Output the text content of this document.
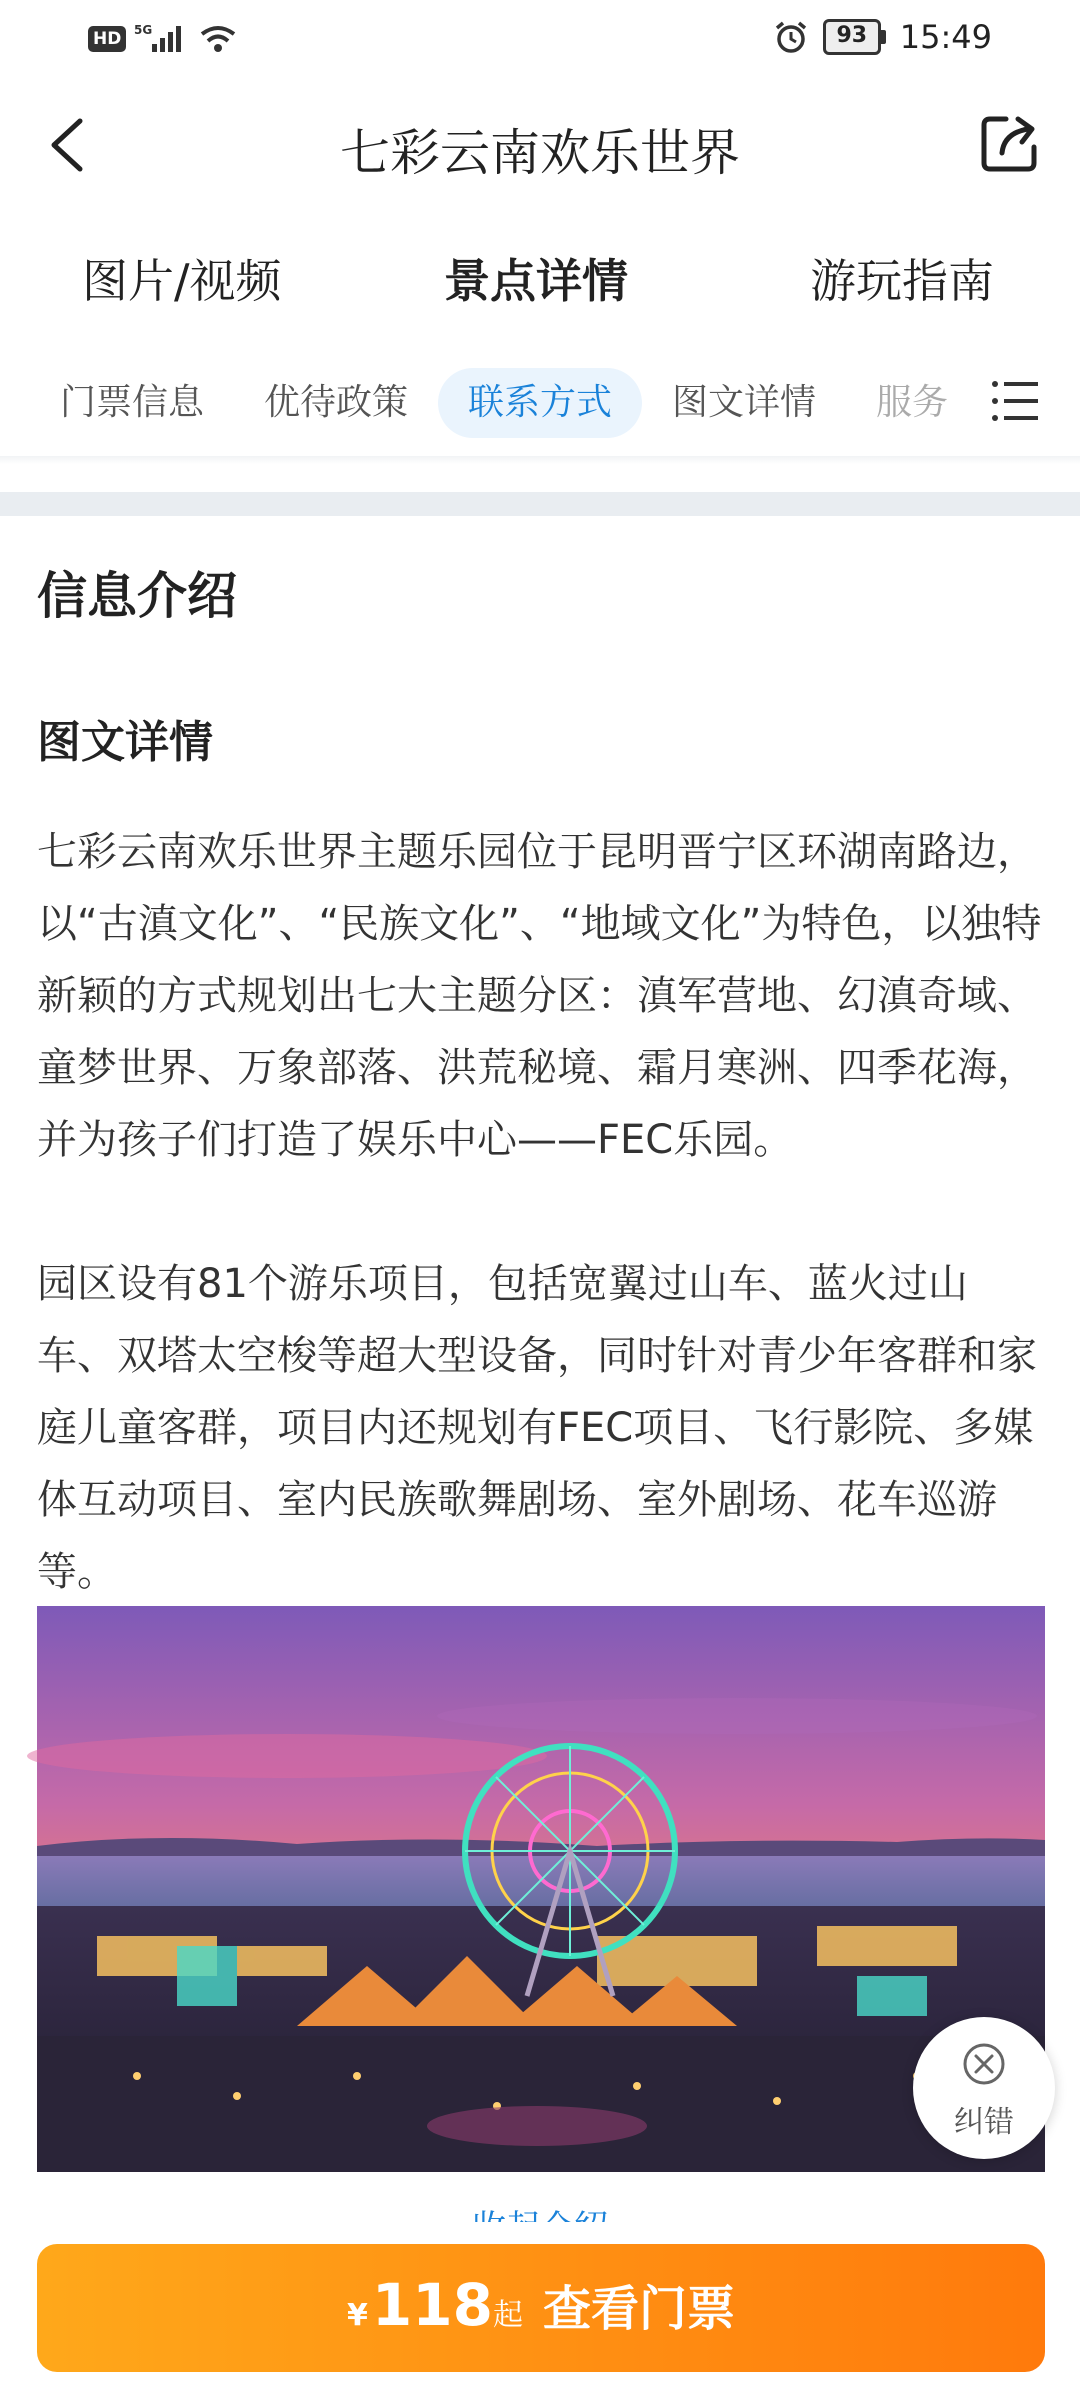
HD	5G	93	15:49
七彩云南欢乐世界
图片/视频	景点详情	游玩指南
门票信息 优待政策	联系方式	图文详情 服务
信息介绍
图文详情
七彩云南欢乐世界主题乐园位于昆明晋宁区环湖南路边，以“古滇文化”、“民族文化”、“地域文化”为特色，以独特新颖的方式规划出七大主题分区：滇军营地、幻滇奇域、童梦世界、万象部落、洪荒秘境、霜月寒洲、四季花海，并为孩子们打造了娱乐中心——FEC乐园。
园区设有81个游乐项目，包括宽翼过山车、蓝火过山车、双塔太空梭等超大型设备，同时针对青少年客群和家庭儿童客群，项目内还规划有FEC项目、飞行影院、多媒体互动项目、室内民族歌舞剧场、室外剧场、花车巡游等。
纠错
¥ 118 起 查看门票
